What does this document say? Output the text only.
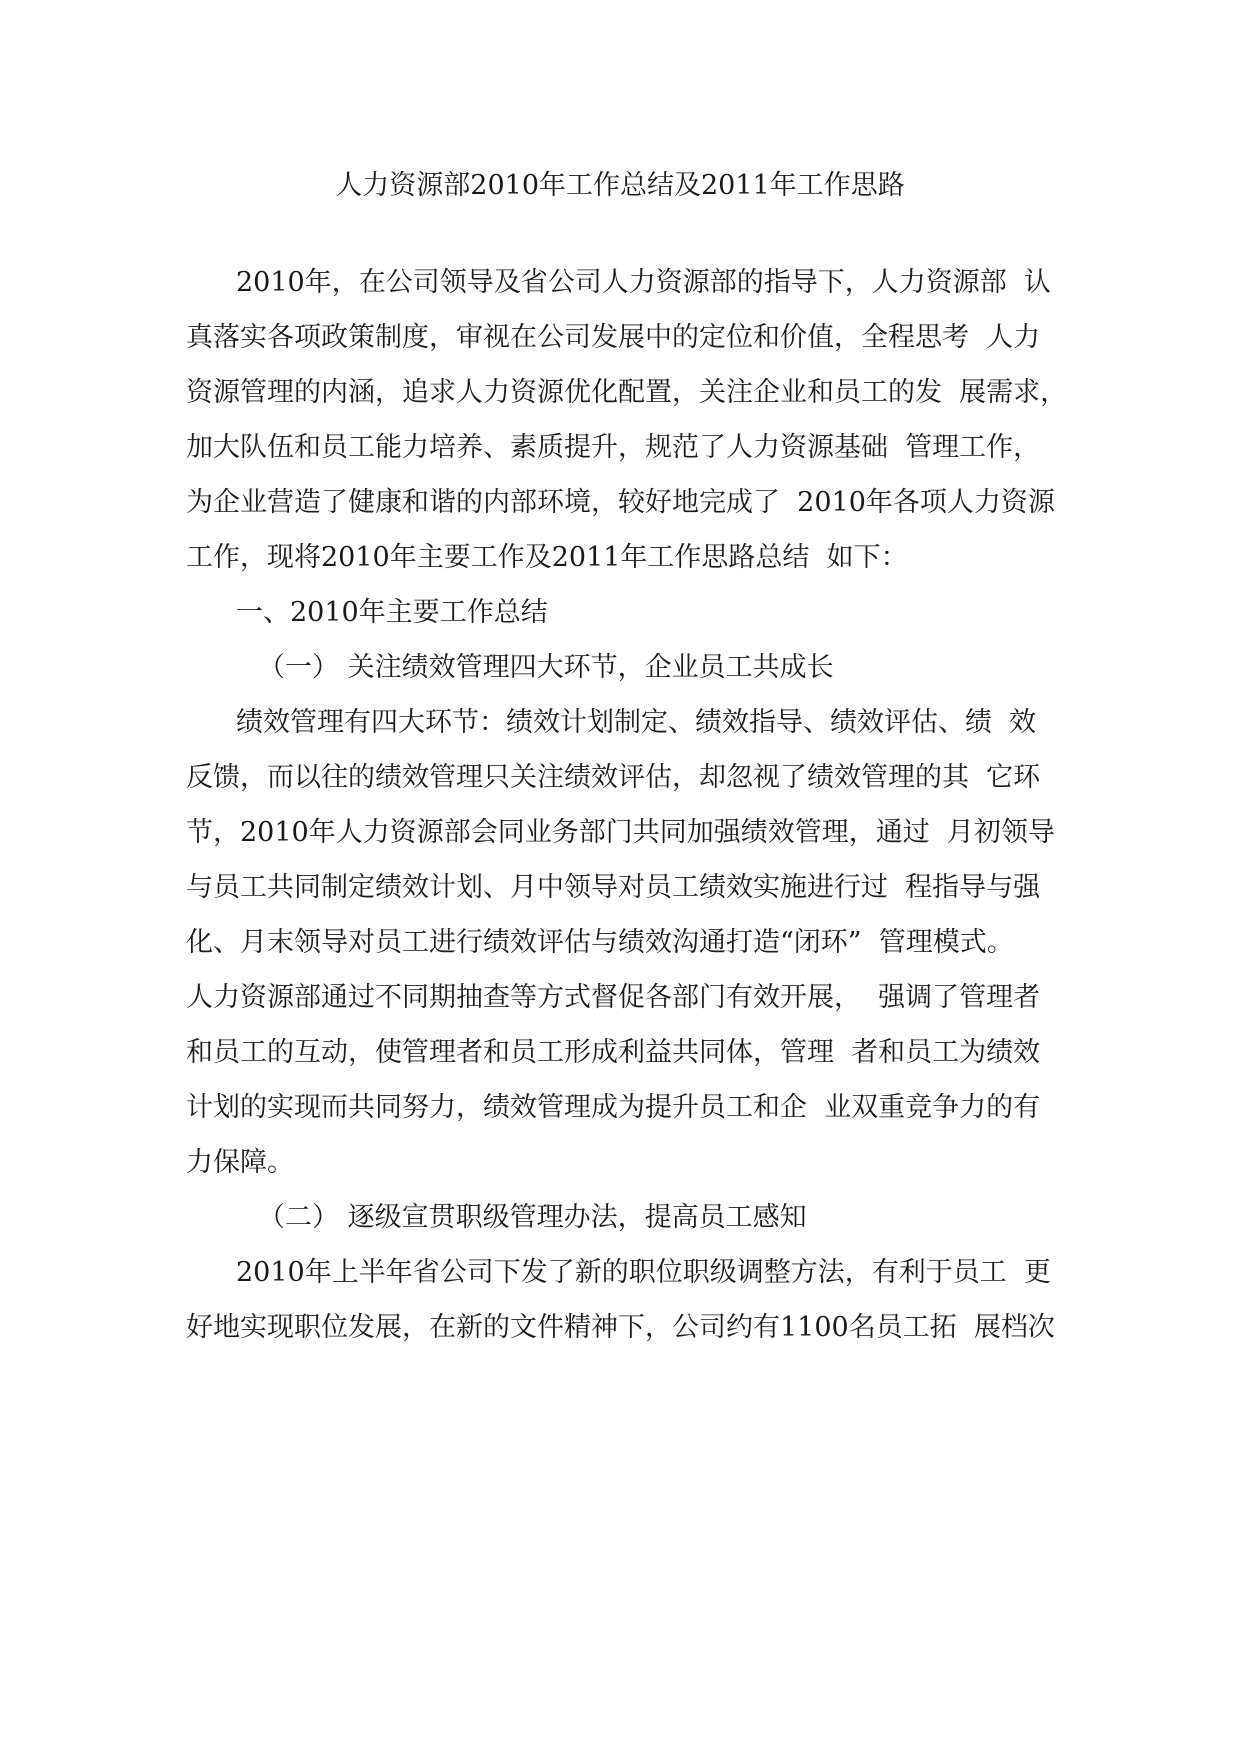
人力资源部2010年工作总结及2011年工作思路
2010年，在公司领导及省公司人力资源部的指导下，人力资源部  认
真落实各项政策制度，审视在公司发展中的定位和价值，全程思考  人力
资源管理的内涵，追求人力资源优化配置，关注企业和员工的发  展需求，
加大队伍和员工能力培养、素质提升，规范了人力资源基础  管理工作，
为企业营造了健康和谐的内部环境，较好地完成了  2010年各项人力资源
工作，现将2010年主要工作及2011年工作思路总结  如下：
一、2010年主要工作总结
（一） 关注绩效管理四大环节，企业员工共成长
绩效管理有四大环节：绩效计划制定、绩效指导、绩效评估、绩  效
反馈，而以往的绩效管理只关注绩效评估，却忽视了绩效管理的其  它环
节，2010年人力资源部会同业务部门共同加强绩效管理，通过  月初领导
与员工共同制定绩效计划、月中领导对员工绩效实施进行过  程指导与强
化、月末领导对员工进行绩效评估与绩效沟通打造“闭环”  管理模式。
人力资源部通过不同期抽查等方式督促各部门有效开展，  强调了管理者
和员工的互动，使管理者和员工形成利益共同体，管理  者和员工为绩效
计划的实现而共同努力，绩效管理成为提升员工和企  业双重竞争力的有
力保障。
（二） 逐级宣贯职级管理办法，提高员工感知
2010年上半年省公司下发了新的职位职级调整方法，有利于员工  更
好地实现职位发展，在新的文件精神下，公司约有1100名员工拓  展档次
